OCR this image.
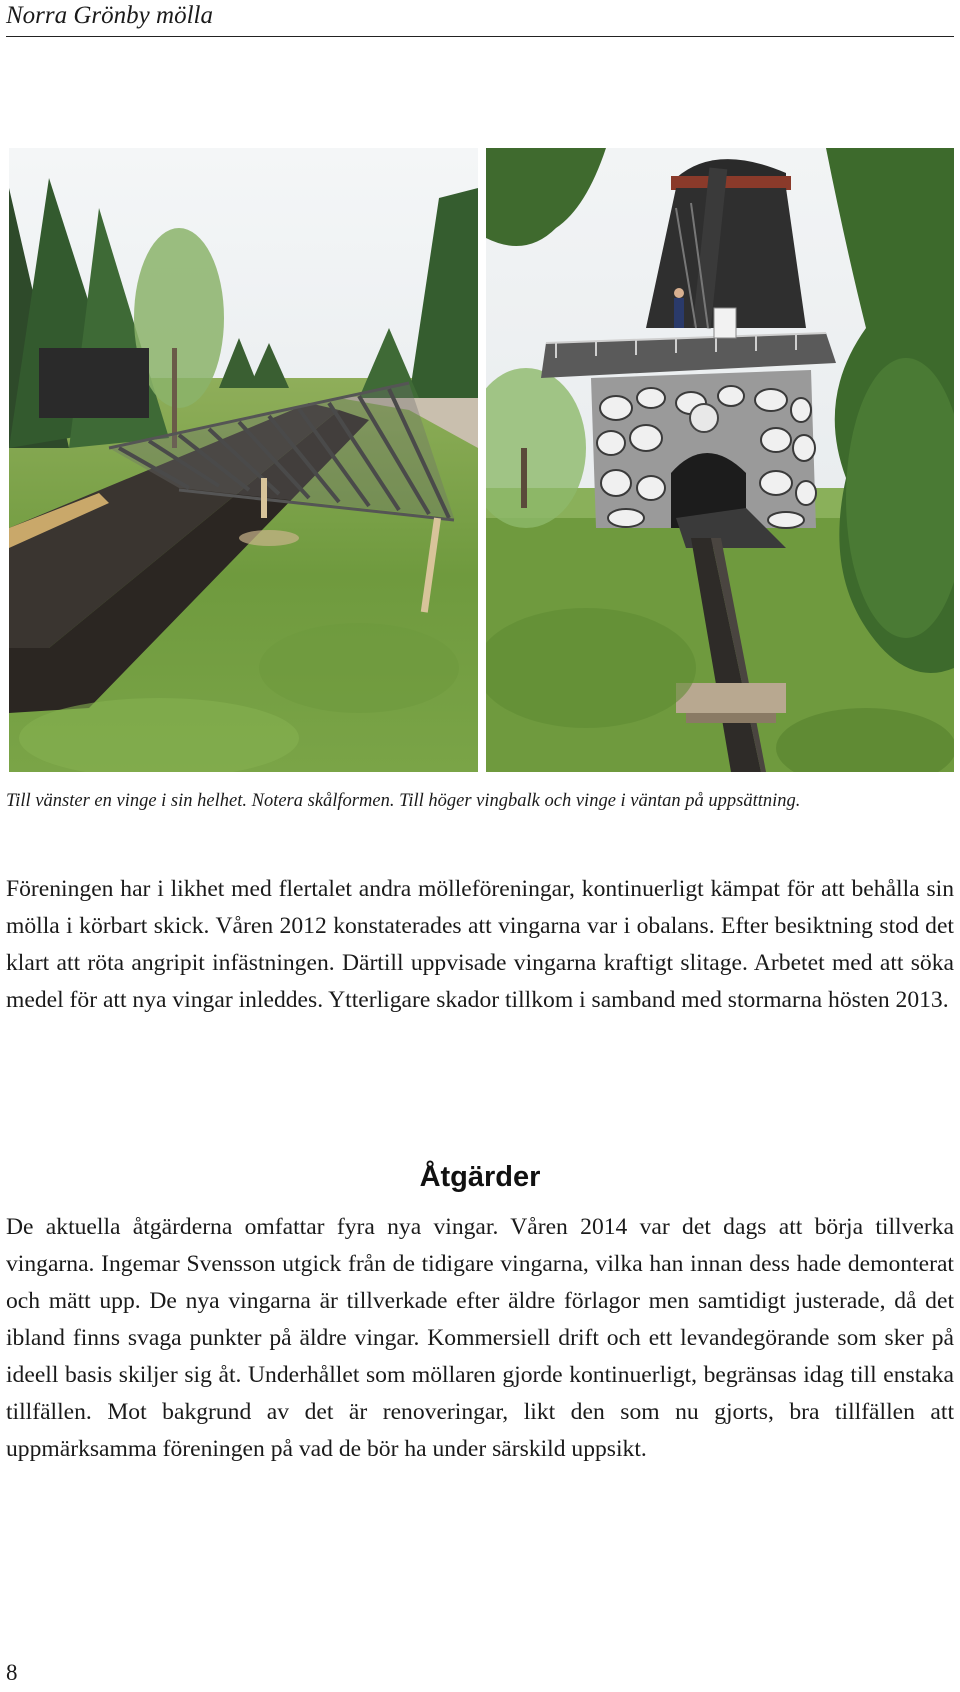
Norra Grönby mölla
Till vänster en vinge i sin helhet. Notera skålformen. Till höger vingbalk och vinge i väntan på uppsättning.

Föreningen har i likhet med flertalet andra mölleföreningar, kontinuerligt kämpat för att behålla sin mölla i körbart skick. Våren 2012 konstaterades att vingarna var i obalans. Efter besiktning stod det klart att röta angripit infästningen. Därtill uppvisade vingarna kraftigt slitage. Arbetet med att söka medel för att nya vingar inleddes. Ytterligare skador tillkom i samband med stormarna hösten 2013.

Åtgärder

De aktuella åtgärderna omfattar fyra nya vingar. Våren 2014 var det dags att börja tillverka vingarna. Ingemar Svensson utgick från de tidigare vingarna, vilka han innan dess hade demonterat och mätt upp. De nya vingarna är tillverkade efter äldre förlagor men samtidigt justerade, då det ibland finns svaga punkter på äldre vingar. Kommersiell drift och ett levandegörande som sker på ideell basis skiljer sig åt. Underhållet som möllaren gjorde kontinuerligt, begränsas idag till enstaka tillfällen. Mot bakgrund av det är renoveringar, likt den som nu gjorts, bra tillfällen att uppmärksamma föreningen på vad de bör ha under särskild uppsikt.

8
